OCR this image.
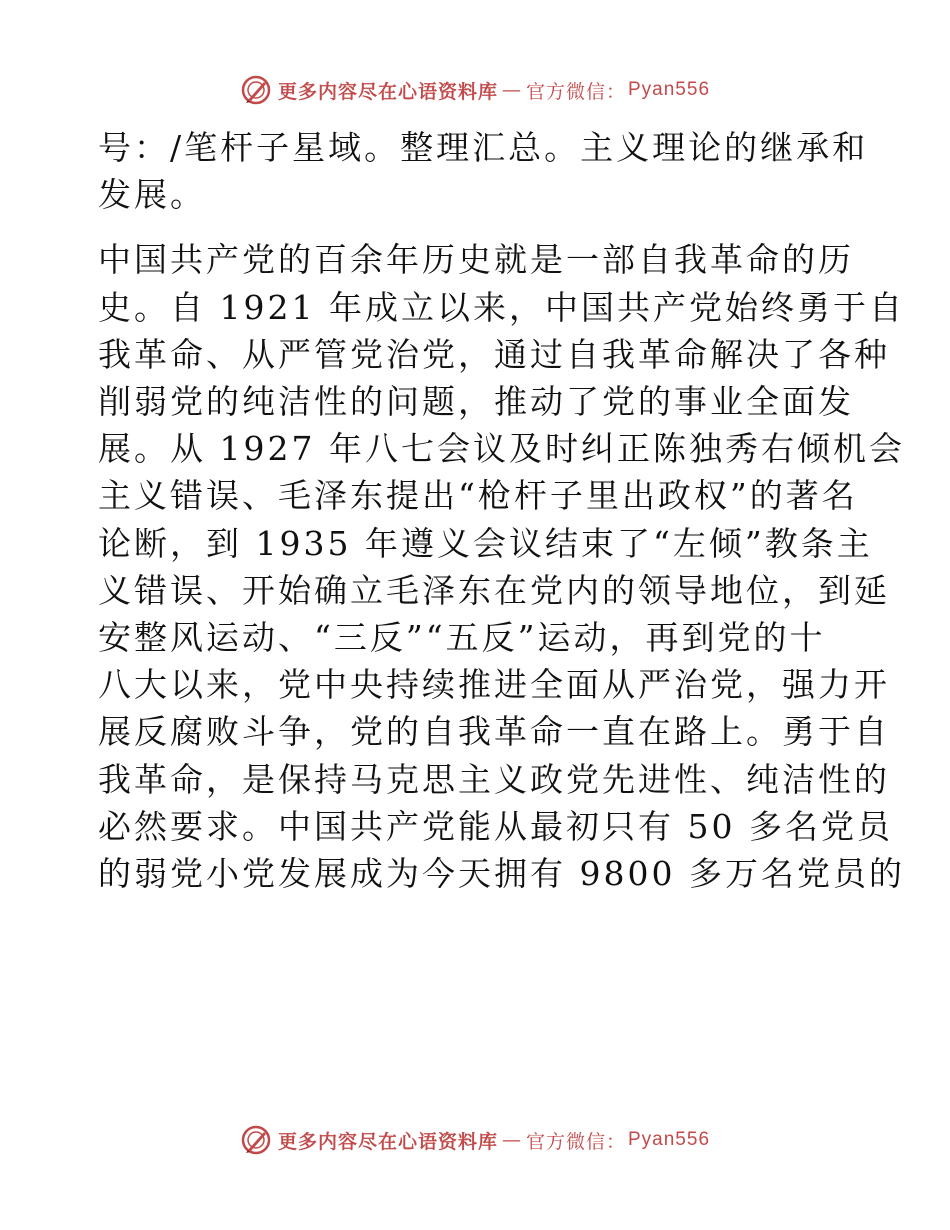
更多内容尽在心语资料库 — 官方微信： Pyan556

号：/笔杆子星域。整理汇总。主义理论的继承和
发展。

中国共产党的百余年历史就是一部自我革命的历
史。自 1921 年成立以来，中国共产党始终勇于自
我革命、从严管党治党，通过自我革命解决了各种
削弱党的纯洁性的问题，推动了党的事业全面发
展。从 1927 年八七会议及时纠正陈独秀右倾机会
主义错误、毛泽东提出“枪杆子里出政权”的著名
论断，到 1935 年遵义会议结束了“左倾”教条主
义错误、开始确立毛泽东在党内的领导地位，到延
安整风运动、“三反”“五反”运动，再到党的十
八大以来，党中央持续推进全面从严治党，强力开
展反腐败斗争，党的自我革命一直在路上。勇于自
我革命，是保持马克思主义政党先进性、纯洁性的
必然要求。中国共产党能从最初只有 50 多名党员
的弱党小党发展成为今天拥有 9800 多万名党员的

更多内容尽在心语资料库 — 官方微信： Pyan556
